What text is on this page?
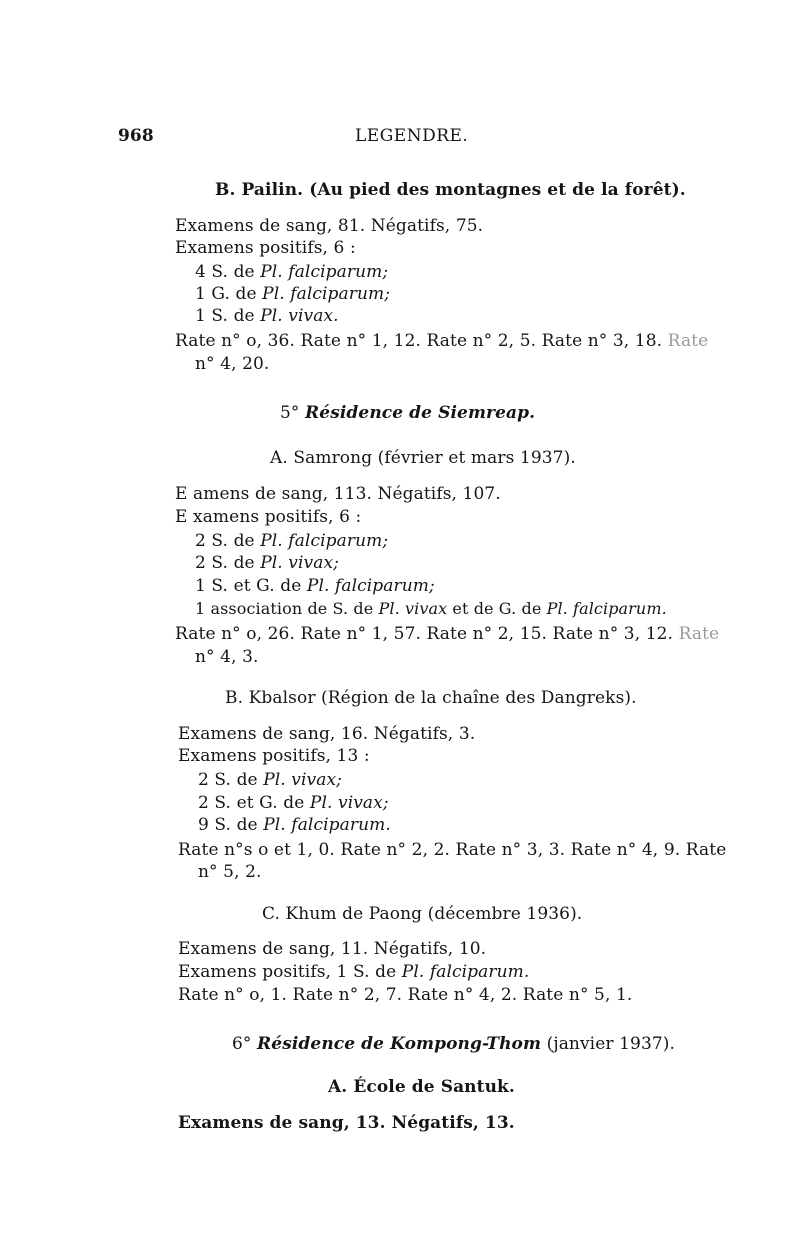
968	LEGENDRE.
B. Pailin. (Au pied des montagnes et de la forêt).
Examens de sang, 81. Négatifs, 75.
Examens positifs, 6 :
4 S. de Pl. falciparum;
1 G. de Pl. falciparum;
1 S. de Pl. vivax.
Rate n° o, 36. Rate n° 1, 12. Rate n° 2, 5. Rate n° 3, 18. Rate
n° 4, 20.
5° Résidence de Siemreap.
A. Samrong (février et mars 1937).
E amens de sang, 113. Négatifs, 107.
E xamens positifs, 6 :
2 S. de Pl. falciparum;
2 S. de Pl. vivax;
1 S. et G. de Pl. falciparum;
1 association de S. de Pl. vivax et de G. de Pl. falciparum.
Rate n° o, 26. Rate n° 1, 57. Rate n° 2, 15. Rate n° 3, 12. Rate
n° 4, 3.
B. Kbalsor (Région de la chaîne des Dangreks).
Examens de sang, 16. Négatifs, 3.
Examens positifs, 13 :
2 S. de Pl. vivax;
2 S. et G. de Pl. vivax;
9 S. de Pl. falciparum.
Rate n°s o et 1, 0. Rate n° 2, 2. Rate n° 3, 3. Rate n° 4, 9. Rate
n° 5, 2.
C. Khum de Paong (décembre 1936).
Examens de sang, 11. Négatifs, 10.
Examens positifs, 1 S. de Pl. falciparum.
Rate n° o, 1. Rate n° 2, 7. Rate n° 4, 2. Rate n° 5, 1.
6° Résidence de Kompong-Thom (janvier 1937).
A. École de Santuk.
Examens de sang, 13. Négatifs, 13.
